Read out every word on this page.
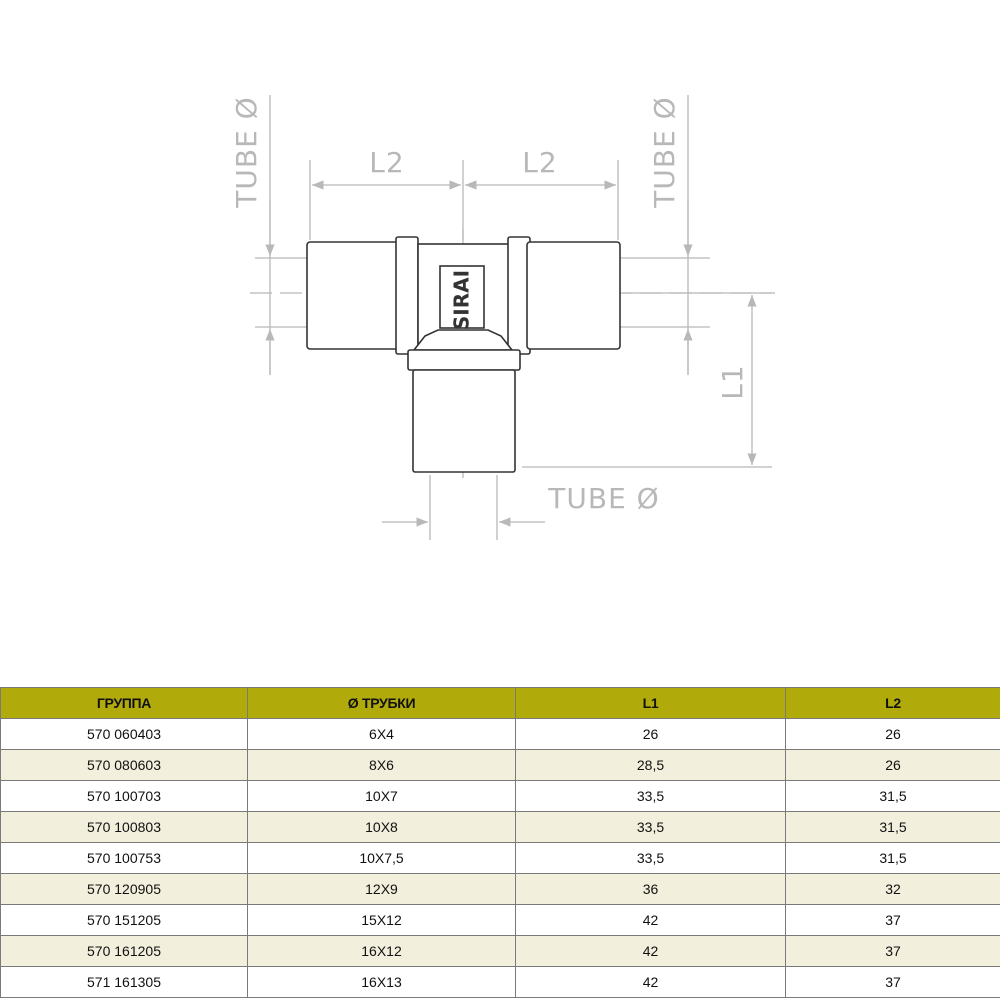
SIRAI
L2	L2
TUBE Ø	TUBE Ø
L1
TUBE Ø
ГРУППА	Ø ТРУБКИ	L1	L2
570 060403	6X4	26	26
570 080603	8X6	28,5	26
570 100703	10X7	33,5	31,5
570 100803	10X8	33,5	31,5
570 100753	10X7,5	33,5	31,5
570 120905	12X9	36	32
570 151205	15X12	42	37
570 161205	16X12	42	37
571 161305	16X13	42	37
